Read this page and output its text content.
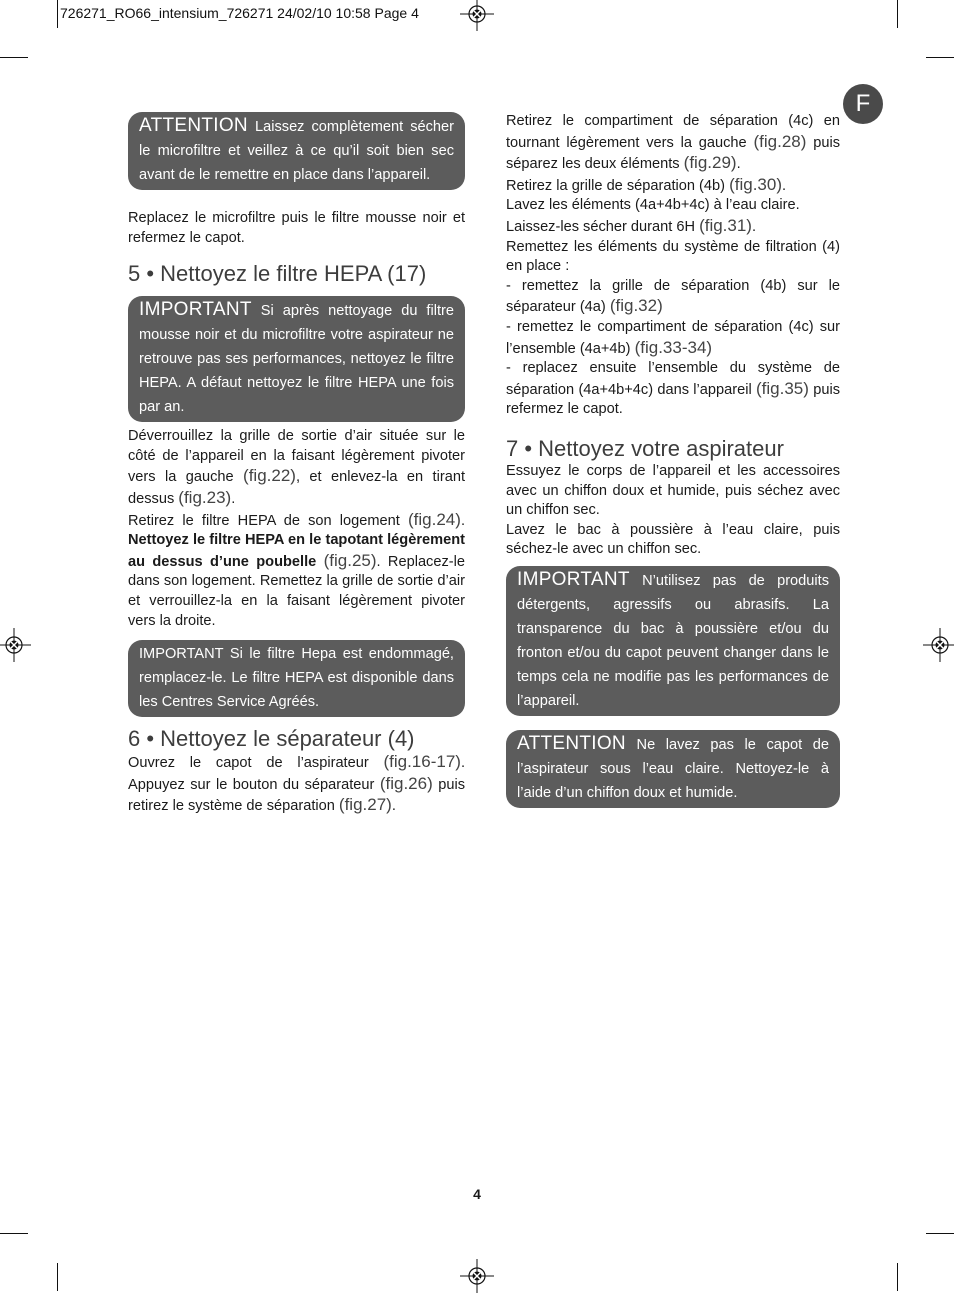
726271_RO66_intensium_726271 24/02/10 10:58 Page 4
F
ATTENTION Laissez complètement sécher le microfiltre et veillez à ce qu’il soit bien sec avant de le remettre en place dans l’appareil.

Replacez le microfiltre puis le filtre mousse noir et refermez le capot.

5 • Nettoyez le filtre HEPA (17)
IMPORTANT Si après nettoyage du filtre mousse noir et du microfiltre votre aspirateur ne retrouve pas ses performances, nettoyez le filtre HEPA. A défaut nettoyez le filtre HEPA une fois par an.

Déverrouillez la grille de sortie d’air située sur le côté de l’appareil en la faisant légèrement pivoter vers la gauche (fig.22), et enlevez-la en tirant dessus (fig.23).

Retirez le filtre HEPA de son logement (fig.24). Nettoyez le filtre HEPA en le tapotant légèrement au dessus d’une poubelle (fig.25). Replacez-le dans son logement. Remettez la grille de sortie d’air et verrouillez-la en la faisant légèrement pivoter vers la droite.

IMPORTANT Si le filtre Hepa est endommagé, remplacez-le. Le filtre HEPA est disponible dans les Centres Service Agréés.
6 • Nettoyez le séparateur (4)

Ouvrez le capot de l’aspirateur (fig.16-17). Appuyez sur le bouton du séparateur (fig.26) puis retirez le système de séparation (fig.27).

Retirez le compartiment de séparation (4c) en tournant légèrement vers la gauche (fig.28) puis séparez les deux éléments (fig.29).

Retirez la grille de séparation (4b) (fig.30).

Lavez les éléments (4a+4b+4c) à l’eau claire.

Laissez-les sécher durant 6H (fig.31).

Remettez les éléments du système de filtration (4) en place :

- remettez la grille de séparation (4b) sur le séparateur (4a) (fig.32)

- remettez le compartiment de séparation (4c) sur l’ensemble (4a+4b) (fig.33-34)

- replacez ensuite l’ensemble du système de séparation (4a+4b+4c) dans l’appareil (fig.35) puis refermez le capot.

7 • Nettoyez votre aspirateur

Essuyez le corps de l’appareil et les accessoires avec un chiffon doux et humide, puis séchez avec un chiffon sec.

Lavez le bac à poussière à l’eau claire, puis séchez-le avec un chiffon sec.

IMPORTANT N’utilisez pas de produits détergents, agressifs ou abrasifs. La transparence du bac à poussière et/ou du fronton et/ou du capot peuvent changer dans le temps cela ne modifie pas les performances de l’appareil.
ATTENTION Ne lavez pas le capot de l’aspirateur sous l’eau claire. Nettoyez-le à l’aide d’un chiffon doux et humide.
4
